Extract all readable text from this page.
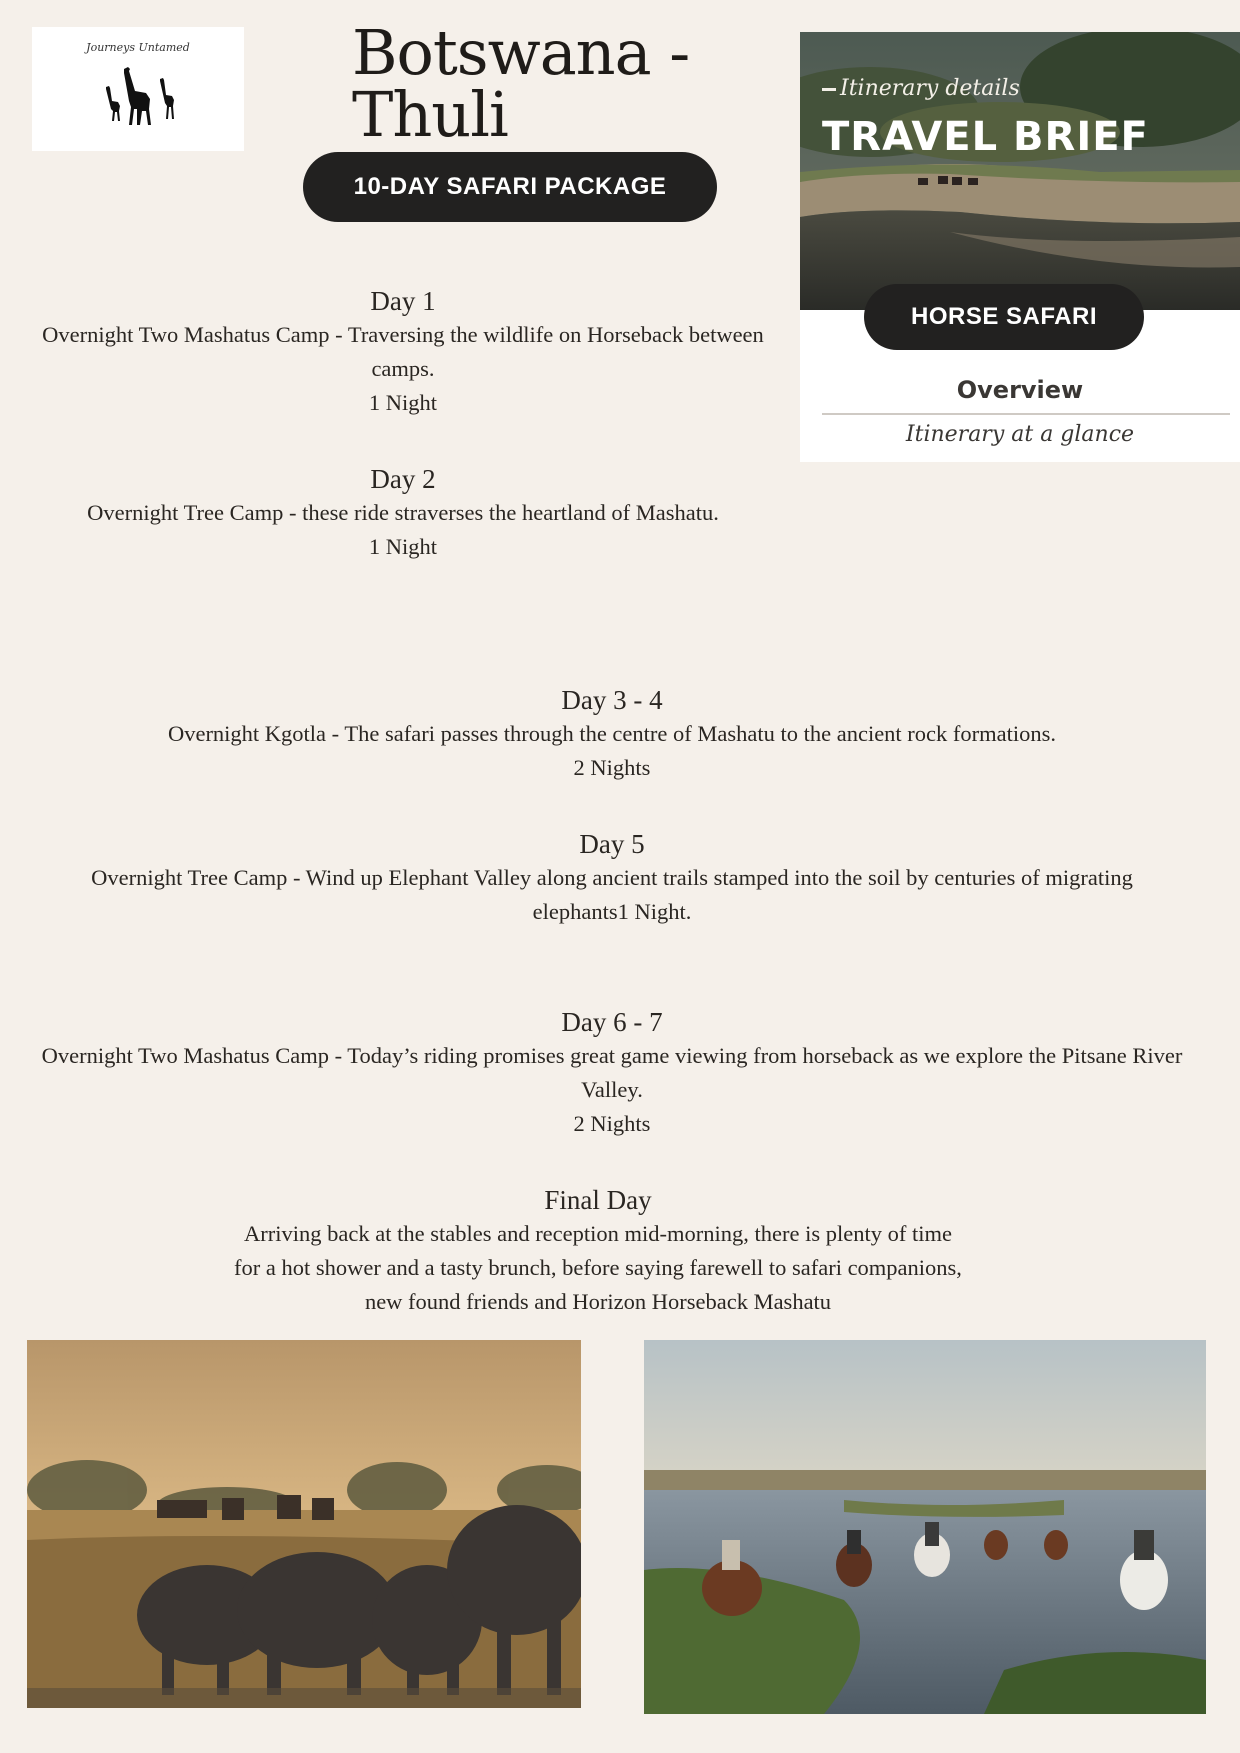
Journeys Untamed	Botswana -
Thuli
10-DAY SAFARI PACKAGE
Itinerary details
TRAVEL BRIEF
HORSE SAFARI
Overview
Itinerary at a glance
Day 1
Overnight Two Mashatus Camp - Traversing the wildlife on Horseback between camps.
1 Night
Day 2
Overnight Tree Camp - these ride straverses the heartland of Mashatu.
1 Night
Day 3 - 4
Overnight Kgotla - The safari passes through the centre of Mashatu to the ancient rock formations.
2 Nights
Day 5
Overnight Tree Camp - Wind up Elephant Valley along ancient trails stamped into the soil by centuries of migrating elephants1 Night.
Day 6 - 7
Overnight Two Mashatus Camp - Today’s riding promises great game viewing from horseback as we explore the Pitsane River Valley.
2 Nights
Final Day
Arriving back at the stables and reception mid-morning, there is plenty of time
for a hot shower and a tasty brunch, before saying farewell to safari companions,
new found friends and Horizon Horseback Mashatu
